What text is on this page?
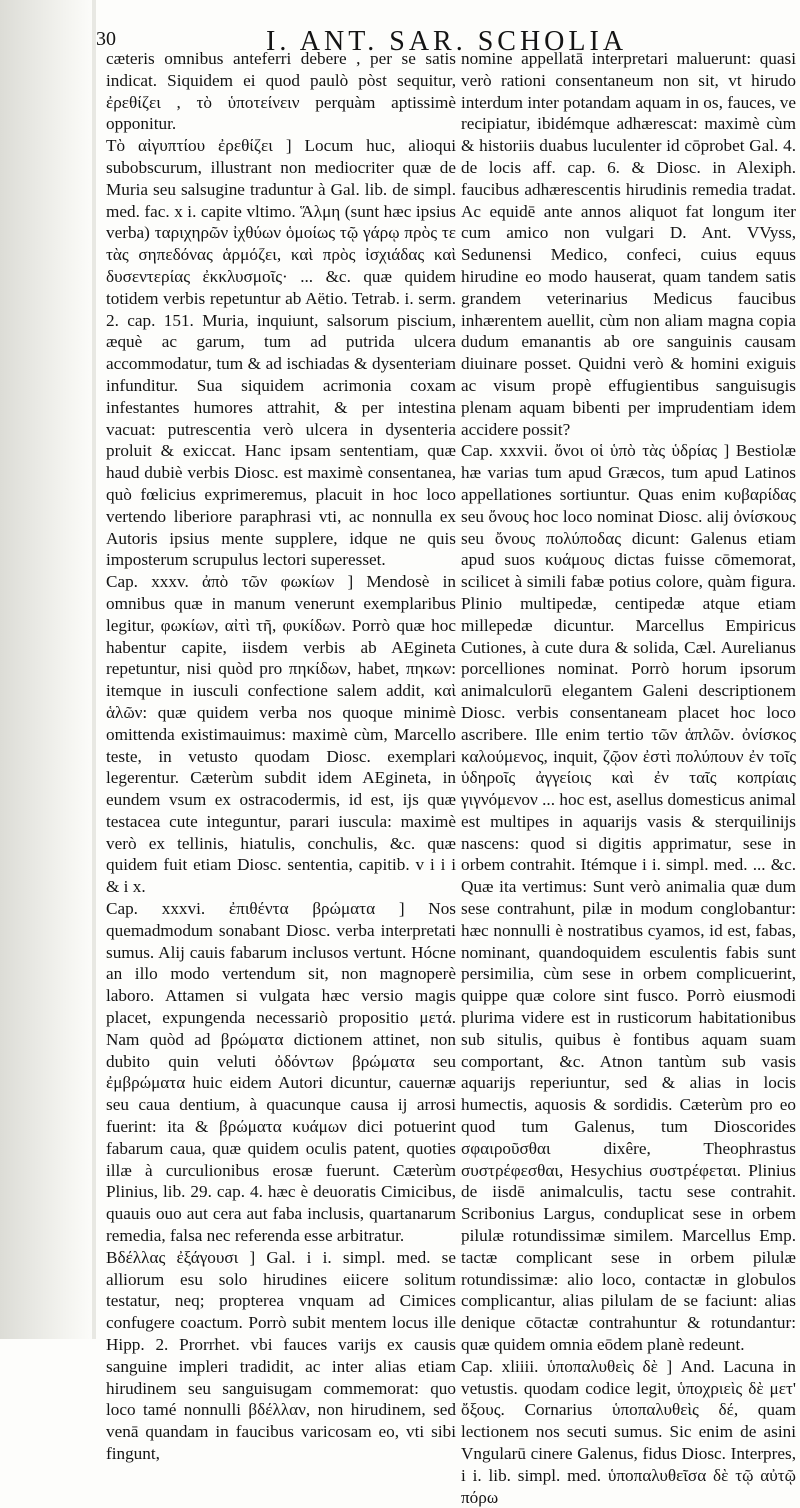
30	I. ANT. SAR. SCHOLIA

cæteris omnibus anteferri debere , per se satis indicat. Siquidem ei quod paulò pòst sequitur, ἐρεθίζει , τὸ ὑποτείνειν perquàm aptissimè opponitur.

Τὸ αἰγυπτίου ἐρεθίζει ] Locum huc, alioqui subobscurum, illustrant non mediocriter quæ de Muria seu salsugine traduntur à Gal. lib. de simpl. med. fac. x i. capite vltimo. Ἅλμη (sunt hæc ipsius verba) ταριχηρῶν ἰχθύων ὁμοίως τῷ γάρῳ πρὸς τε τὰς σηπεδόνας ἁρμόζει, καὶ πρὸς ἰσχιάδας καὶ δυσεντερίας ἐκκλυσμοῖς· ... &c. quæ quidem totidem verbis repetuntur ab Aëtio. Tetrab. i. serm. 2. cap. 151. Muria, inquiunt, salsorum piscium, æquè ac garum, tum ad putrida ulcera accommodatur, tum & ad ischiadas & dysenteriam infunditur. Sua siquidem acrimonia coxam infestantes humores attrahit, & per intestina vacuat: putrescentia verò ulcera in dysenteria proluit & exiccat. Hanc ipsam sententiam, quæ haud dubiè verbis Diosc. est maximè consentanea, quò fœlicius exprimeremus, placuit in hoc loco vertendo liberiore paraphrasi vti, ac nonnulla ex Autoris ipsius mente supplere, idque ne quis imposterum scrupulus lectori superesset.

Cap. xxxv. ἀπὸ τῶν φωκίων ] Mendosè in omnibus quæ in manum venerunt exemplaribus legitur, φωκίων, αἰτὶ τῆ, φυκίδων. Porrò quæ hoc habentur capite, iisdem verbis ab AEgineta repetuntur, nisi quòd pro πηκίδων, habet, πηκων: itemque in iusculi confectione salem addit, καὶ ἁλῶν: quæ quidem verba nos quoque minimè omittenda existimauimus: maximè cùm, Marcello teste, in vetusto quodam Diosc. exemplari legerentur. Cæterùm subdit idem AEgineta, in eundem vsum ex ostracodermis, id est, ijs quæ testacea cute integuntur, parari iuscula: maximè verò ex tellinis, hiatulis, conchulis, &c. quæ quidem fuit etiam Diosc. sententia, capitib. v i i i & i x.

Cap. xxxvi. ἐπιθέντα βρώματα ] Nos quemadmodum sonabant Diosc. verba interpretati sumus. Alij cauis fabarum inclusos vertunt. Hócne an illo modo vertendum sit, non magnoperè laboro. Attamen si vulgata hæc versio magis placet, expungenda necessariò propositio μετά. Nam quòd ad βρώματα dictionem attinet, non dubito quin veluti ὀδόντων βρώματα seu ἐμβρώματα huic eidem Autori dicuntur, cauernæ seu caua dentium, à quacunque causa ij arrosi fuerint: ita & βρώματα κυάμων dici potuerint fabarum caua, quæ quidem oculis patent, quoties illæ à curculionibus erosæ fuerunt. Cæterùm Plinius, lib. 29. cap. 4. hæc è deuoratis Cimicibus, quauis ouo aut cera aut faba inclusis, quartanarum remedia, falsa nec referenda esse arbitratur.

Βδέλλας ἐξάγουσι ] Gal. i i. simpl. med. se alliorum esu solo hirudines eiicere solitum testatur, neq; propterea vnquam ad Cimices confugere coactum. Porrò subit mentem locus ille Hipp. 2. Prorrhet. vbi fauces varijs ex causis sanguine impleri tradidit, ac inter alias etiam hirudinem seu sanguisugam commemorat: quo loco tamé nonnulli βδέλλαν, non hirudinem, sed venā quandam in faucibus varicosam eo, vti sibi fingunt,

nomine appellatā interpretari maluerunt: quasi verò rationi consentaneum non sit, vt hirudo interdum inter potandam aquam in os, fauces, ve recipiatur, ibidémque adhærescat: maximè cùm & historiis duabus luculenter id cōprobet Gal. 4. de locis aff. cap. 6. & Diosc. in Alexiph. faucibus adhærescentis hirudinis remedia tradat. Ac equidē ante annos aliquot fat longum iter cum amico non vulgari D. Ant. VVyss, Sedunensi Medico, confeci, cuius equus hirudine eo modo hauserat, quam tandem satis grandem veterinarius Medicus faucibus inhærentem auellit, cùm non aliam magna copia dudum emanantis ab ore sanguinis causam diuinare posset. Quidni verò & homini exiguis ac visum propè effugientibus sanguisugis plenam aquam bibenti per imprudentiam idem accidere possit?

Cap. xxxvii. ὄνοι οἱ ὑπὸ τὰς ὑδρίας ] Bestiolæ hæ varias tum apud Græcos, tum apud Latinos appellationes sortiuntur. Quas enim κυβαρίδας seu ὄνους hoc loco nominat Diosc. alij ὀνίσκους seu ὄνους πολύποδας dicunt: Galenus etiam apud suos κυάμους dictas fuisse cōmemorat, scilicet à simili fabæ potius colore, quàm figura. Plinio multipedæ, centipedæ atque etiam millepedæ dicuntur. Marcellus Empiricus Cutiones, à cute dura & solida, Cæl. Aurelianus porcelliones nominat. Porrò horum ipsorum animalculorū elegantem Galeni descriptionem Diosc. verbis consentaneam placet hoc loco ascribere. Ille enim tertio τῶν ἁπλῶν. ὀνίσκος καλούμενος, inquit, ζῷον ἐστὶ πολύπουν ἐν τοῖς ὑδηροῖς ἀγγείοις καὶ ἐν ταῖς κοπρίαις γιγνόμενον ... hoc est, asellus domesticus animal est multipes in aquarijs vasis & sterquilinijs nascens: quod si digitis apprimatur, sese in orbem contrahit. Itémque i i. simpl. med. ... &c. Quæ ita vertimus: Sunt verò animalia quæ dum sese contrahunt, pilæ in modum conglobantur: hæc nonnulli è nostratibus cyamos, id est, fabas, nominant, quandoquidem esculentis fabis sunt persimilia, cùm sese in orbem complicuerint, quippe quæ colore sint fusco. Porrò eiusmodi plurima videre est in rusticorum habitationibus sub situlis, quibus è fontibus aquam suam comportant, &c. Atnon tantùm sub vasis aquarijs reperiuntur, sed & alias in locis humectis, aquosis & sordidis. Cæterùm pro eo quod tum Galenus, tum Dioscorides σφαιροῦσθαι dixêre, Theophrastus συστρέφεσθαι, Hesychius συστρέφεται. Plinius de iisdē animalculis, tactu sese contrahit. Scribonius Largus, conduplicat sese in orbem pilulæ rotundissimæ similem. Marcellus Emp. tactæ complicant sese in orbem pilulæ rotundissimæ: alio loco, contactæ in globulos complicantur, alias pilulam de se faciunt: alias denique cōtactæ contrahuntur & rotundantur: quæ quidem omnia eōdem planè redeunt.

Cap. xliiii. ὑποπαλυθεὶς δὲ ] And. Lacuna in vetustis. quodam codice legit, ὑποχριεὶς δὲ μετ' ὄξους. Cornarius ὑποπαλυθεὶς δέ, quam lectionem nos secuti sumus. Sic enim de asini Vngularū cinere Galenus, fidus Diosc. Interpres, i i. lib. simpl. med. ὑποπαλυθεῖσα δὲ τῷ αὐτῷ πόρω
